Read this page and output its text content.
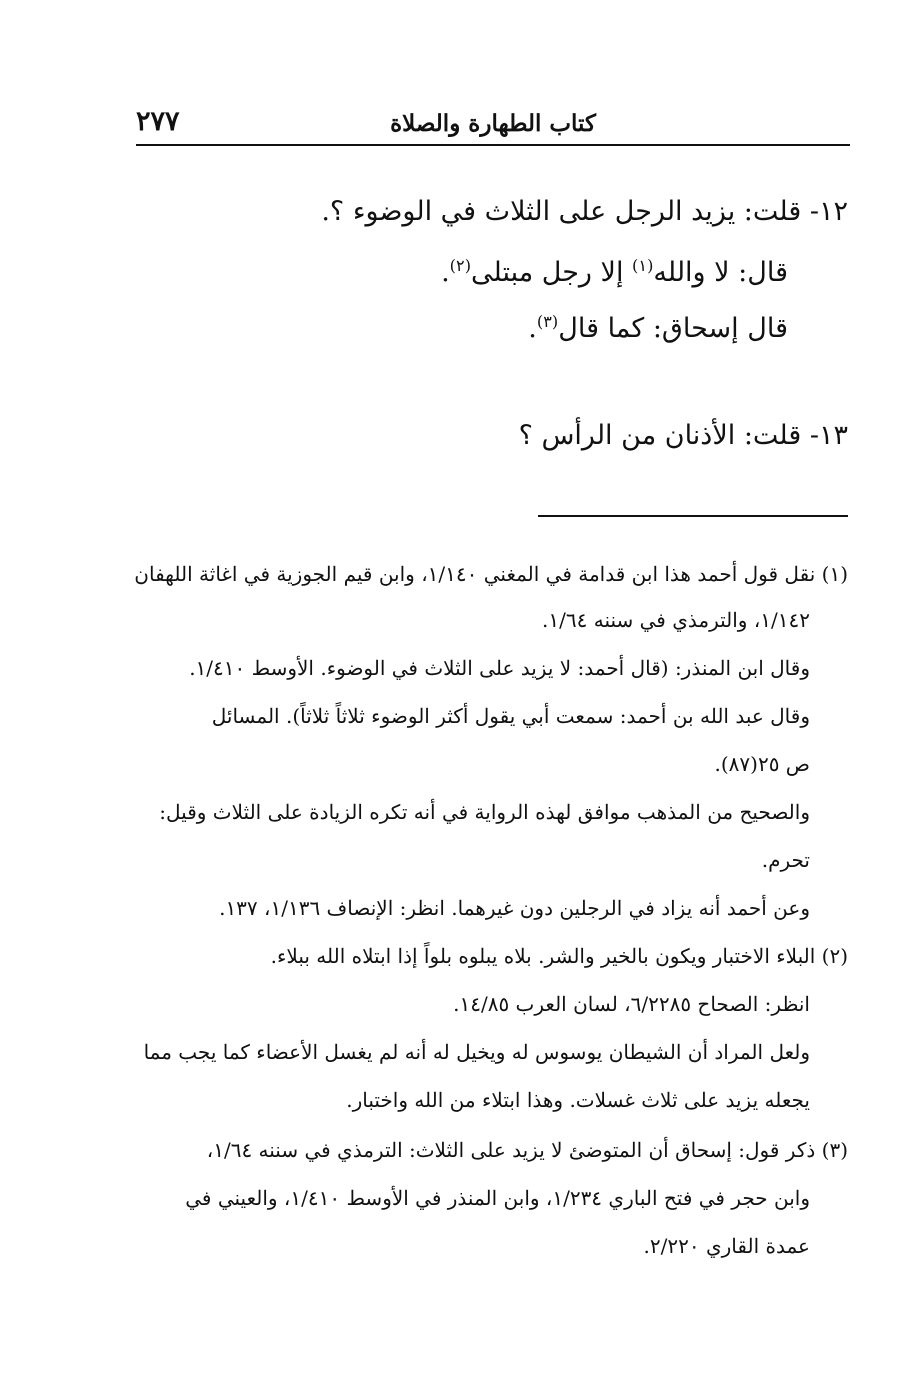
كتاب الطهارة والصلاة
٢٧٧
١٢- قلت: يزيد الرجل على الثلاث في الوضوء ؟.
قال: لا والله$^{(١)}$ إلا رجل مبتلى$^{(٢)}$.
قال إسحاق: كما قال$^{(٣)}$.
١٣- قلت: الأذنان من الرأس ؟
(١) نقل قول أحمد هذا ابن قدامة في المغني ١/١٤٠، وابن قيم الجوزية في اغاثة اللهفان
١/١٤٢، والترمذي في سننه ١/٦٤.
وقال ابن المنذر: (قال أحمد: لا يزيد على الثلاث في الوضوء. الأوسط ١/٤١٠.
وقال عبد الله بن أحمد: سمعت أبي يقول أكثر الوضوء ثلاثاً ثلاثاً). المسائل
ص ٢٥(٨٧).
والصحيح من المذهب موافق لهذه الرواية في أنه تكره الزيادة على الثلاث وقيل:
تحرم.
وعن أحمد أنه يزاد في الرجلين دون غيرهما. انظر: الإنصاف ١/١٣٦، ١٣٧.
(٢) البلاء الاختبار ويكون بالخير والشر. بلاه يبلوه بلواً إذا ابتلاه الله ببلاء.
انظر: الصحاح ٦/٢٢٨٥، لسان العرب ١٤/٨٥.
ولعل المراد أن الشيطان يوسوس له ويخيل له أنه لم يغسل الأعضاء كما يجب مما
يجعله يزيد على ثلاث غسلات. وهذا ابتلاء من الله واختبار.
(٣) ذكر قول: إسحاق أن المتوضئ لا يزيد على الثلاث: الترمذي في سننه ١/٦٤،
وابن حجر في فتح الباري ١/٢٣٤، وابن المنذر في الأوسط ١/٤١٠، والعيني في
عمدة القاري ٢/٢٢٠.
